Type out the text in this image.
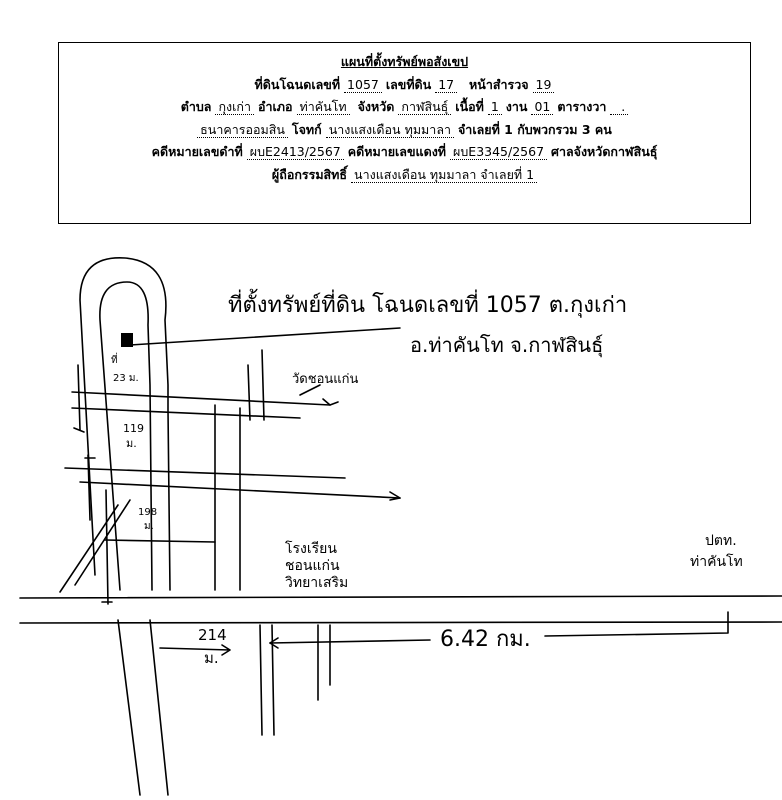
แผนที่ตั้งทรัพย์พอสังเขป
ที่ดินโฉนดเลขที่ 1057 เลขที่ดิน 17 หน้าสำรวจ 19
ตำบล กุงเก่า อำเภอ ท่าคันโท จังหวัด กาฬสินธุ์ เนื้อที่ 1 งาน 01 ตารางวา   .
ธนาคารออมสิน โจทก์ นางแสงเดือน ทุมมาลา จำเลยที่ 1 กับพวกรวม 3 คน
คดีหมายเลขดำที่ ผบE2413/2567 คดีหมายเลขแดงที่ ผบE3345/2567 ศาลจังหวัดกาฬสินธุ์
ผู้ถือกรรมสิทธิ์ นางแสงเดือน ทุมมาลา จำเลยที่ 1
ที่ตั้งทรัพย์ที่ดิน โฉนดเลขที่ 1057 ต.กุงเก่า
อ.ท่าคันโท จ.กาฬสินธุ์
ที่
23 ม.	วัดชอนแก่น
119
ม.
198
ม.
โรงเรียน
ชอนแก่น
วิทยาเสริม
ปตท.
ท่าคันโท
214
ม.
6.42 กม.
